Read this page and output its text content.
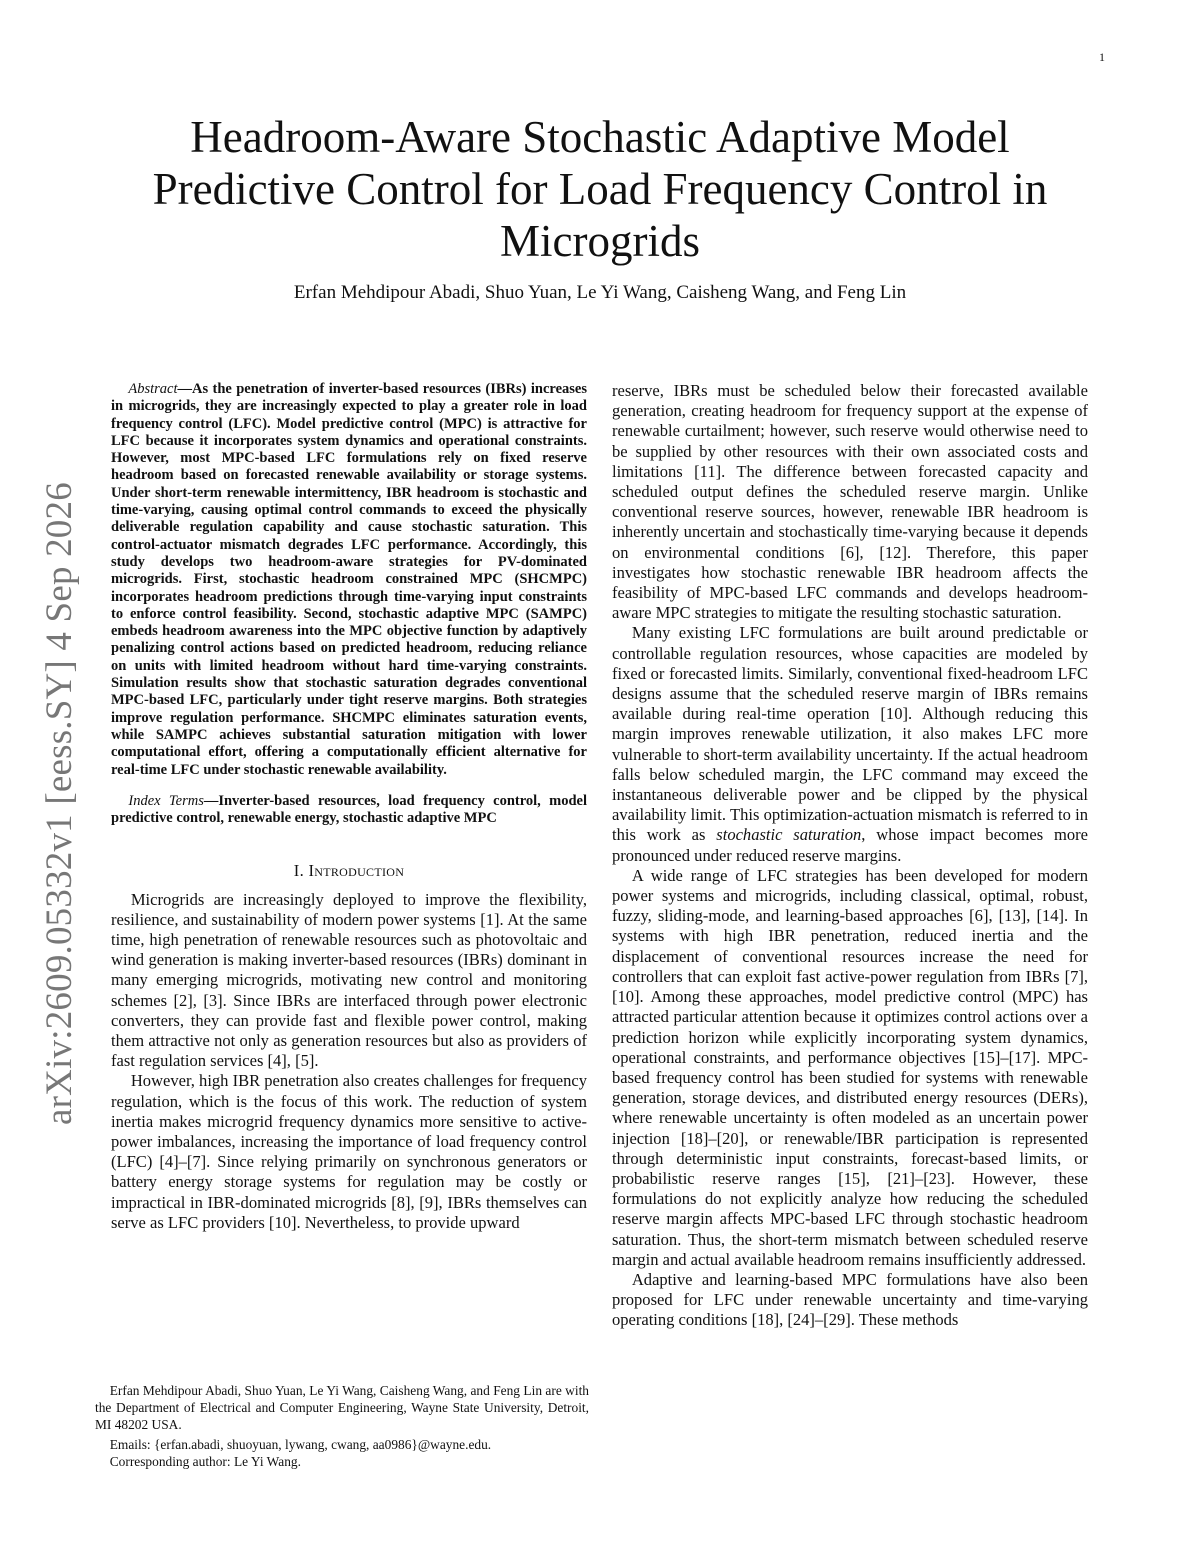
1
arXiv:2609.05332v1 [eess.SY] 4 Sep 2026
Headroom-Aware Stochastic Adaptive Model Predictive Control for Load Frequency Control in Microgrids

Erfan Mehdipour Abadi, Shuo Yuan, Le Yi Wang, Caisheng Wang, and Feng Lin

Abstract—As the penetration of inverter-based resources (IBRs) increases in microgrids, they are increasingly expected to play a greater role in load frequency control (LFC). Model predictive control (MPC) is attractive for LFC because it incorporates system dynamics and operational constraints. However, most MPC-based LFC formulations rely on fixed reserve headroom based on forecasted renewable availability or storage systems. Under short-term renewable intermittency, IBR headroom is stochastic and time-varying, causing optimal control commands to exceed the physically deliverable regulation capability and cause stochastic saturation. This control-actuator mismatch degrades LFC performance. Accordingly, this study develops two headroom-aware strategies for PV-dominated microgrids. First, stochastic headroom constrained MPC (SHCMPC) incorporates headroom predictions through time-varying input constraints to enforce control feasibility. Second, stochastic adaptive MPC (SAMPC) embeds headroom awareness into the MPC objective function by adaptively penalizing control actions based on predicted headroom, reducing reliance on units with limited headroom without hard time-varying constraints. Simulation results show that stochastic saturation degrades conventional MPC-based LFC, particularly under tight reserve margins. Both strategies improve regulation performance. SHCMPC eliminates saturation events, while SAMPC achieves substantial saturation mitigation with lower computational effort, offering a computationally efficient alternative for real-time LFC under stochastic renewable availability.

Index Terms—Inverter-based resources, load frequency control, model predictive control, renewable energy, stochastic adaptive MPC

I. Introduction

Microgrids are increasingly deployed to improve the flexibility, resilience, and sustainability of modern power systems [1]. At the same time, high penetration of renewable resources such as photovoltaic and wind generation is making inverter-based resources (IBRs) dominant in many emerging microgrids, motivating new control and monitoring schemes [2], [3]. Since IBRs are interfaced through power electronic converters, they can provide fast and flexible power control, making them attractive not only as generation resources but also as providers of fast regulation services [4], [5].

However, high IBR penetration also creates challenges for frequency regulation, which is the focus of this work. The reduction of system inertia makes microgrid frequency dynamics more sensitive to active-power imbalances, increasing the importance of load frequency control (LFC) [4]–[7]. Since relying primarily on synchronous generators or battery energy storage systems for regulation may be costly or impractical in IBR-dominated microgrids [8], [9], IBRs themselves can serve as LFC providers [10]. Nevertheless, to provide upward

reserve, IBRs must be scheduled below their forecasted available generation, creating headroom for frequency support at the expense of renewable curtailment; however, such reserve would otherwise need to be supplied by other resources with their own associated costs and limitations [11]. The difference between forecasted capacity and scheduled output defines the scheduled reserve margin. Unlike conventional reserve sources, however, renewable IBR headroom is inherently uncertain and stochastically time-varying because it depends on environmental conditions [6], [12]. Therefore, this paper investigates how stochastic renewable IBR headroom affects the feasibility of MPC-based LFC commands and develops headroom-aware MPC strategies to mitigate the resulting stochastic saturation.

Many existing LFC formulations are built around predictable or controllable regulation resources, whose capacities are modeled by fixed or forecasted limits. Similarly, conventional fixed-headroom LFC designs assume that the scheduled reserve margin of IBRs remains available during real-time operation [10]. Although reducing this margin improves renewable utilization, it also makes LFC more vulnerable to short-term availability uncertainty. If the actual headroom falls below scheduled margin, the LFC command may exceed the instantaneous deliverable power and be clipped by the physical availability limit. This optimization-actuation mismatch is referred to in this work as stochastic saturation, whose impact becomes more pronounced under reduced reserve margins.

A wide range of LFC strategies has been developed for modern power systems and microgrids, including classical, optimal, robust, fuzzy, sliding-mode, and learning-based approaches [6], [13], [14]. In systems with high IBR penetration, reduced inertia and the displacement of conventional resources increase the need for controllers that can exploit fast active-power regulation from IBRs [7], [10]. Among these approaches, model predictive control (MPC) has attracted particular attention because it optimizes control actions over a prediction horizon while explicitly incorporating system dynamics, operational constraints, and performance objectives [15]–[17]. MPC-based frequency control has been studied for systems with renewable generation, storage devices, and distributed energy resources (DERs), where renewable uncertainty is often modeled as an uncertain power injection [18]–[20], or renewable/IBR participation is represented through deterministic input constraints, forecast-based limits, or probabilistic reserve ranges [15], [21]–[23]. However, these formulations do not explicitly analyze how reducing the scheduled reserve margin affects MPC-based LFC through stochastic headroom saturation. Thus, the short-term mismatch between scheduled reserve margin and actual available headroom remains insufficiently addressed.

Adaptive and learning-based MPC formulations have also been proposed for LFC under renewable uncertainty and time-varying operating conditions [18], [24]–[29]. These methods

Erfan Mehdipour Abadi, Shuo Yuan, Le Yi Wang, Caisheng Wang, and Feng Lin are with the Department of Electrical and Computer Engineering, Wayne State University, Detroit, MI 48202 USA.

Emails: {erfan.abadi, shuoyuan, lywang, cwang, aa0986}@wayne.edu.

Corresponding author: Le Yi Wang.
